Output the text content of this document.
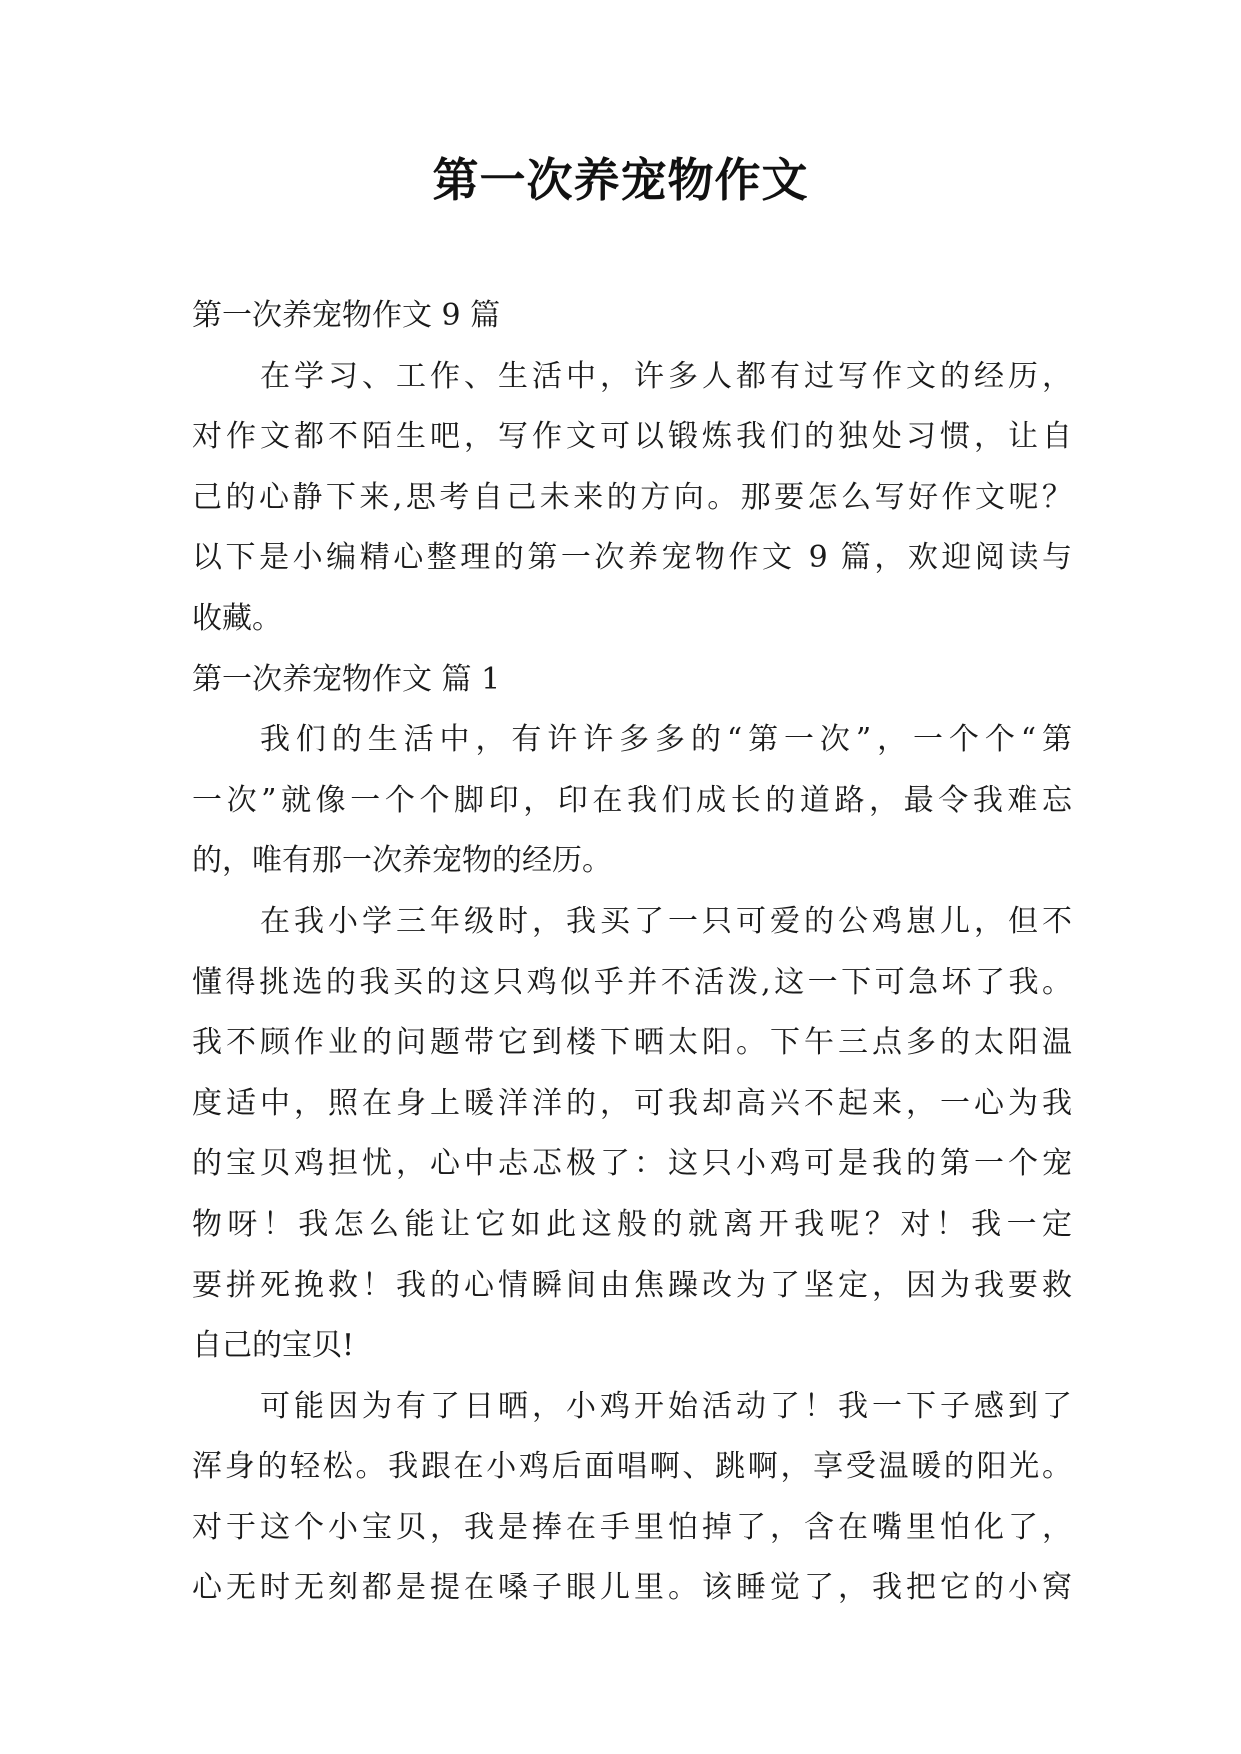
第一次养宠物作文
第一次养宠物作文 9 篇
在学习、工作、生活中，许多人都有过写作文的经历，
对作文都不陌生吧，写作文可以锻炼我们的独处习惯，让自
己的心静下来,思考自己未来的方向。那要怎么写好作文呢？
以下是小编精心整理的第一次养宠物作文 9 篇，欢迎阅读与
收藏。
第一次养宠物作文 篇 1
我们的生活中，有许许多多的“第一次”，一个个“第
一次”就像一个个脚印，印在我们成长的道路，最令我难忘
的，唯有那一次养宠物的经历。
在我小学三年级时，我买了一只可爱的公鸡崽儿，但不
懂得挑选的我买的这只鸡似乎并不活泼,这一下可急坏了我。
我不顾作业的问题带它到楼下晒太阳。下午三点多的太阳温
度适中，照在身上暖洋洋的，可我却高兴不起来，一心为我
的宝贝鸡担忧，心中忐忑极了：这只小鸡可是我的第一个宠
物呀！我怎么能让它如此这般的就离开我呢？对！我一定
要拼死挽救！我的心情瞬间由焦躁改为了坚定，因为我要救
自己的宝贝!
可能因为有了日晒，小鸡开始活动了！我一下子感到了
浑身的轻松。我跟在小鸡后面唱啊、跳啊，享受温暖的阳光。
对于这个小宝贝，我是捧在手里怕掉了，含在嘴里怕化了，
心无时无刻都是提在嗓子眼儿里。该睡觉了，我把它的小窝
